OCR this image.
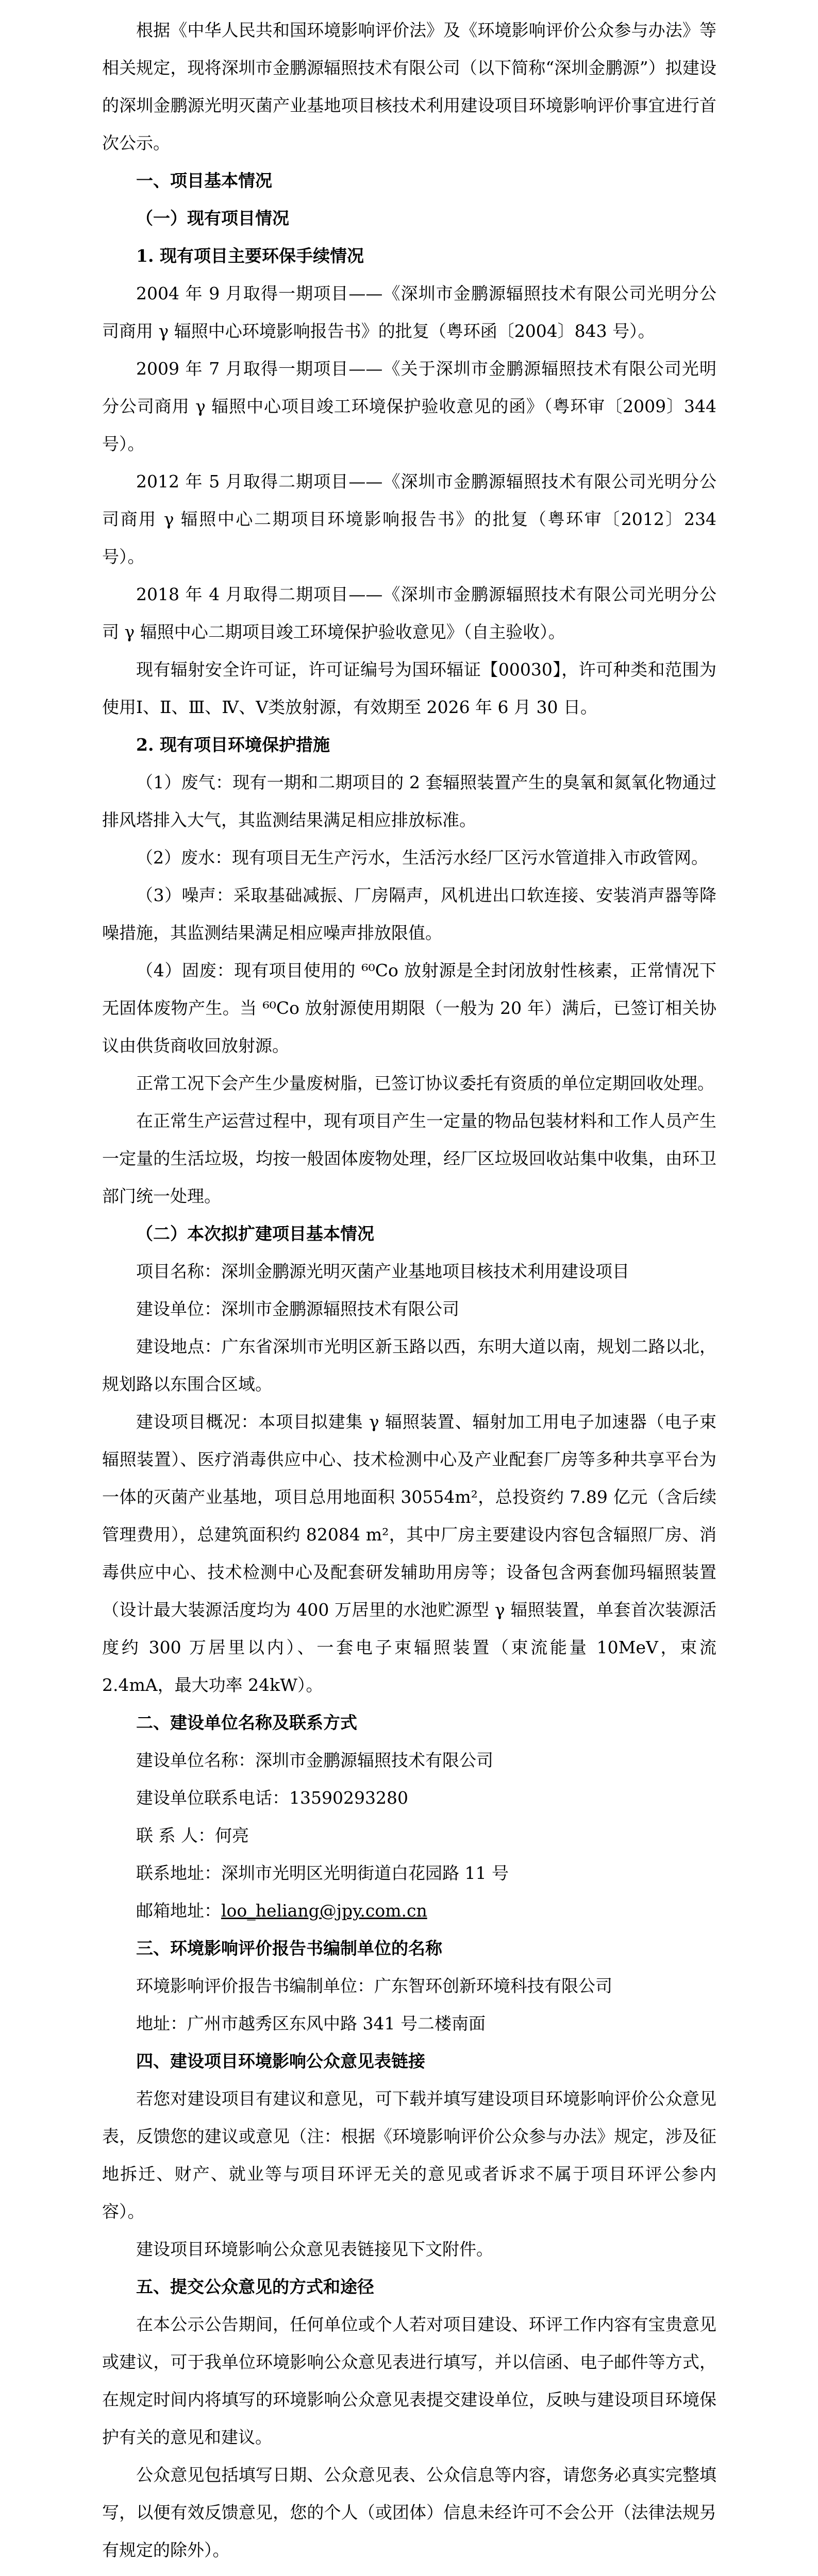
根据《中华人民共和国环境影响评价法》及《环境影响评价公众参与办法》等相关规定，现将深圳市金鹏源辐照技术有限公司（以下简称“深圳金鹏源”）拟建设的深圳金鹏源光明灭菌产业基地项目核技术利用建设项目环境影响评价事宜进行首次公示。

一、项目基本情况

（一）现有项目情况

1. 现有项目主要环保手续情况

2004 年 9 月取得一期项目——《深圳市金鹏源辐照技术有限公司光明分公司商用 γ 辐照中心环境影响报告书》的批复（粤环函〔2004〕843 号）。

2009 年 7 月取得一期项目——《关于深圳市金鹏源辐照技术有限公司光明分公司商用 γ 辐照中心项目竣工环境保护验收意见的函》（粤环审〔2009〕344 号）。

2012 年 5 月取得二期项目——《深圳市金鹏源辐照技术有限公司光明分公司商用 γ 辐照中心二期项目环境影响报告书》的批复（粤环审〔2012〕234 号）。

2018 年 4 月取得二期项目——《深圳市金鹏源辐照技术有限公司光明分公司 γ 辐照中心二期项目竣工环境保护验收意见》（自主验收）。

现有辐射安全许可证，许可证编号为国环辐证【00030】，许可种类和范围为使用Ⅰ、Ⅱ、Ⅲ、Ⅳ、Ⅴ类放射源，有效期至 2026 年 6 月 30 日。

2. 现有项目环境保护措施

（1）废气：现有一期和二期项目的 2 套辐照装置产生的臭氧和氮氧化物通过排风塔排入大气，其监测结果满足相应排放标准。

（2）废水：现有项目无生产污水，生活污水经厂区污水管道排入市政管网。

（3）噪声：采取基础减振、厂房隔声，风机进出口软连接、安装消声器等降噪措施，其监测结果满足相应噪声排放限值。

（4）固废：现有项目使用的 ⁶⁰Co 放射源是全封闭放射性核素，正常情况下无固体废物产生。当 ⁶⁰Co 放射源使用期限（一般为 20 年）满后，已签订相关协议由供货商收回放射源。

正常工况下会产生少量废树脂，已签订协议委托有资质的单位定期回收处理。

在正常生产运营过程中，现有项目产生一定量的物品包装材料和工作人员产生一定量的生活垃圾，均按一般固体废物处理，经厂区垃圾回收站集中收集，由环卫部门统一处理。

（二）本次拟扩建项目基本情况

项目名称：深圳金鹏源光明灭菌产业基地项目核技术利用建设项目

建设单位：深圳市金鹏源辐照技术有限公司

建设地点：广东省深圳市光明区新玉路以西，东明大道以南，规划二路以北，规划路以东围合区域。

建设项目概况：本项目拟建集 γ 辐照装置、辐射加工用电子加速器（电子束辐照装置）、医疗消毒供应中心、技术检测中心及产业配套厂房等多种共享平台为一体的灭菌产业基地，项目总用地面积 30554m²，总投资约 7.89 亿元（含后续管理费用），总建筑面积约 82084 m²，其中厂房主要建设内容包含辐照厂房、消毒供应中心、技术检测中心及配套研发辅助用房等；设备包含两套伽玛辐照装置（设计最大装源活度均为 400 万居里的水池贮源型 γ 辐照装置，单套首次装源活度约 300 万居里以内）、一套电子束辐照装置（束流能量 10MeV，束流 2.4mA，最大功率 24kW）。

二、建设单位名称及联系方式

建设单位名称：深圳市金鹏源辐照技术有限公司

建设单位联系电话：13590293280

联 系 人：何亮

联系地址：深圳市光明区光明街道白花园路 11 号

邮箱地址：loo_heliang@jpy.com.cn

三、环境影响评价报告书编制单位的名称

环境影响评价报告书编制单位：广东智环创新环境科技有限公司

地址：广州市越秀区东风中路 341 号二楼南面

四、建设项目环境影响公众意见表链接

若您对建设项目有建议和意见，可下载并填写建设项目环境影响评价公众意见表，反馈您的建议或意见（注：根据《环境影响评价公众参与办法》规定，涉及征地拆迁、财产、就业等与项目环评无关的意见或者诉求不属于项目环评公参内容）。

建设项目环境影响公众意见表链接见下文附件。

五、提交公众意见的方式和途径

在本公示公告期间，任何单位或个人若对项目建设、环评工作内容有宝贵意见或建议，可于我单位环境影响公众意见表进行填写，并以信函、电子邮件等方式，在规定时间内将填写的环境影响公众意见表提交建设单位，反映与建设项目环境保护有关的意见和建议。

公众意见包括填写日期、公众意见表、公众信息等内容，请您务必真实完整填写，以便有效反馈意见，您的个人（或团体）信息未经许可不会公开（法律法规另有规定的除外）。
